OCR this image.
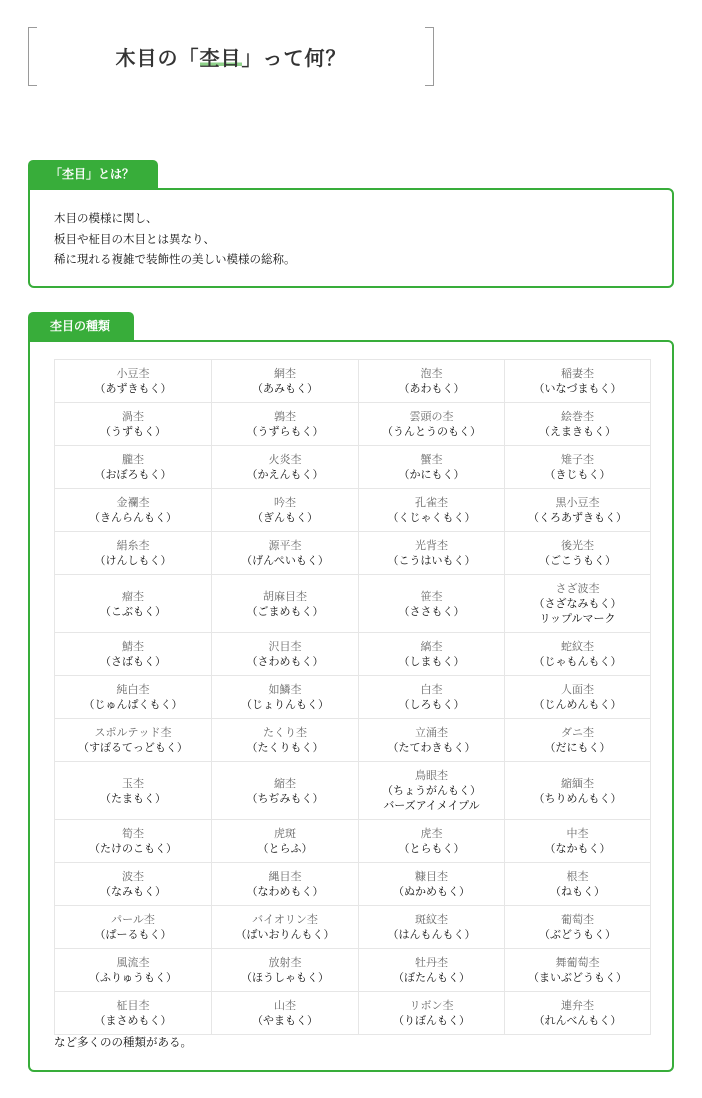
木目の「杢目」って何？
「杢目」とは？
木目の模様に関し、
板目や柾目の木目とは異なり、
稀に現れる複雑で装飾性の美しい模様の総称。
杢目の種類
小豆杢
（あずきもく）	網杢
（あみもく）	泡杢
（あわもく）	稲妻杢
（いなづまもく）

渦杢
（うずもく）	鶉杢
（うずらもく）	雲頭の杢
（うんとうのもく）	絵巻杢
（えまきもく）

朧杢
（おぼろもく）	火炎杢
（かえんもく）	蟹杢
（かにもく）	雉子杢
（きじもく）

金襴杢
（きんらんもく）	吟杢
（ぎんもく）	孔雀杢
（くじゃくもく）	黒小豆杢
（くろあずきもく）

絹糸杢
（けんしもく）	源平杢
（げんぺいもく）	光背杢
（こうはいもく）	後光杢
（ごこうもく）

瘤杢
（こぶもく）	胡麻目杢
（ごまめもく）	笹杢
（ささもく）	さざ波杢
（さざなみもく）
リップルマーク

鯖杢
（さばもく）	沢目杢
（さわめもく）	縞杢
（しまもく）	蛇紋杢
（じゃもんもく）

純白杢
（じゅんぱくもく）	如鱗杢
（じょりんもく）	白杢
（しろもく）	人面杢
（じんめんもく）

スポルテッド杢
（すぽるてっどもく）	たくり杢
（たくりもく）	立涌杢
（たてわきもく）	ダニ杢
（だにもく）

玉杢
（たまもく）	縮杢
（ちぢみもく）	鳥眼杢
（ちょうがんもく）
バーズアイメイプル	縮緬杢
（ちりめんもく）

筍杢
（たけのこもく）	虎斑
（とらふ）	虎杢
（とらもく）	中杢
（なかもく）

波杢
（なみもく）	縄目杢
（なわめもく）	糠目杢
（ぬかめもく）	根杢
（ねもく）

パール杢
（ぱーるもく）	バイオリン杢
（ばいおりんもく）	斑紋杢
（はんもんもく）	葡萄杢
（ぶどうもく）

風流杢
（ふりゅうもく）	放射杢
（ほうしゃもく）	牡丹杢
（ぼたんもく）	舞葡萄杢
（まいぶどうもく）

柾目杢
（まさめもく）	山杢
（やまもく）	リボン杢
（りぼんもく）	連弁杢
（れんべんもく）
など多くのの種類がある。
